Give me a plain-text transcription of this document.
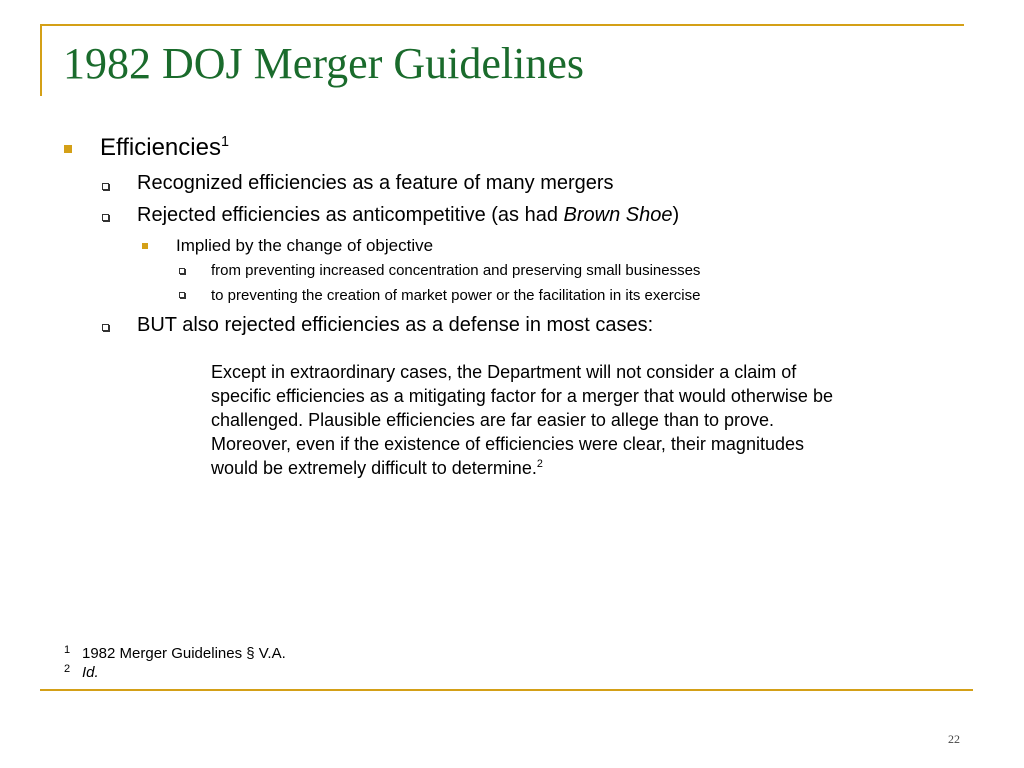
1982 DOJ Merger Guidelines
Efficiencies$^1$
Recognized efficiencies as a feature of many mergers
Rejected efficiencies as anticompetitive (as had Brown Shoe)
Implied by the change of objective
from preventing increased concentration and preserving small businesses
to preventing the creation of market power or the facilitation in its exercise
BUT also rejected efficiencies as a defense in most cases:
Except in extraordinary cases, the Department will not consider a claim of specific efficiencies as a mitigating factor for a merger that would otherwise be challenged. Plausible efficiencies are far easier to allege than to prove. Moreover, even if the existence of efficiencies were clear, their magnitudes would be extremely difficult to determine.$^2$
1 1982 Merger Guidelines § V.A.
2 Id.
22
